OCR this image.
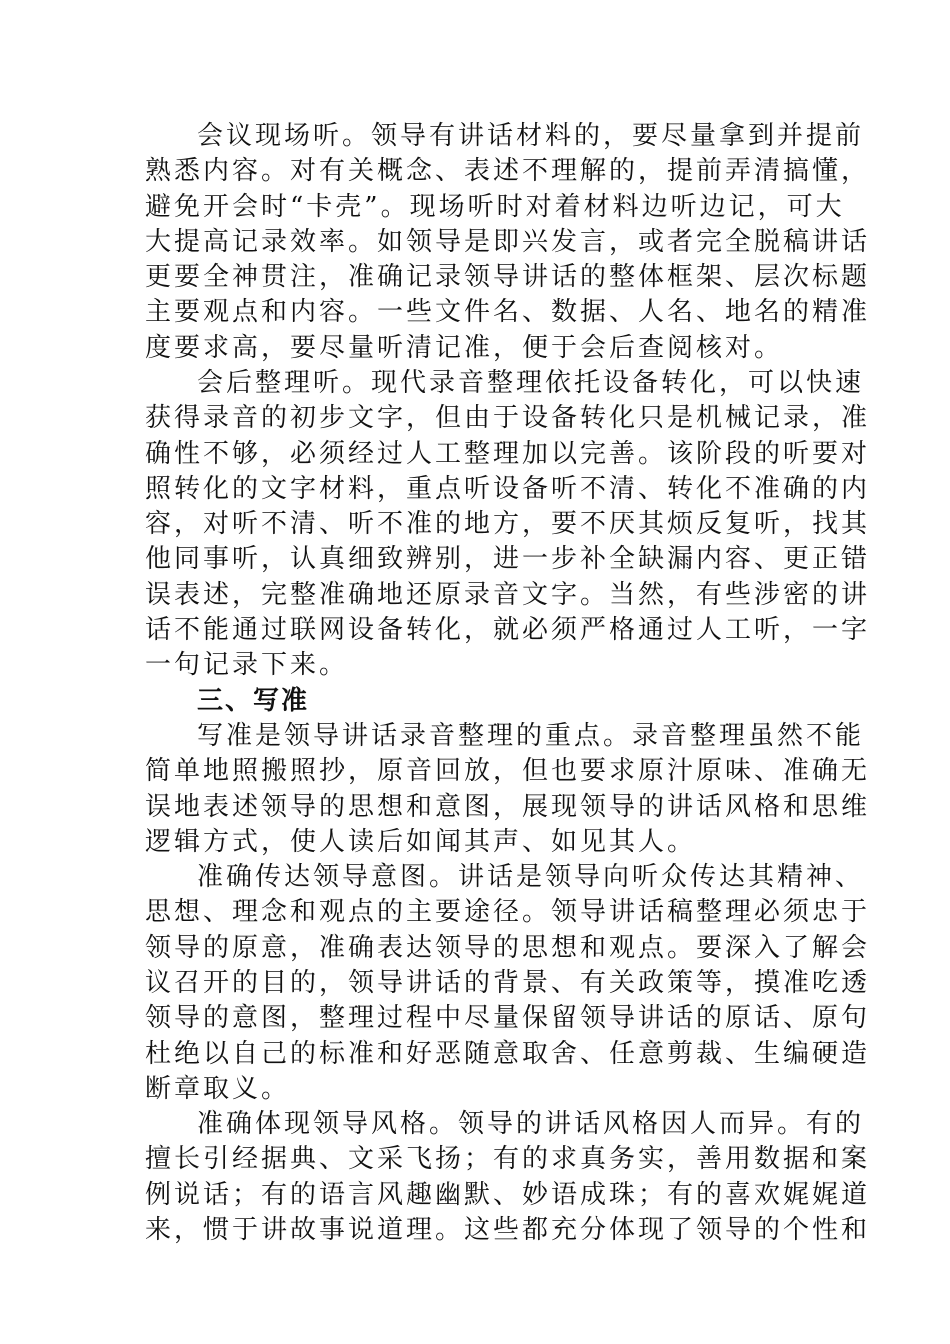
会议现场听。领导有讲话材料的，要尽量拿到并提前
熟悉内容。对有关概念、表述不理解的，提前弄清搞懂，
避免开会时“卡壳”。现场听时对着材料边听边记，可大
大提高记录效率。如领导是即兴发言，或者完全脱稿讲话
更要全神贯注，准确记录领导讲话的整体框架、层次标题
主要观点和内容。一些文件名、数据、人名、地名的精准
度要求高，要尽量听清记准，便于会后查阅核对。
会后整理听。现代录音整理依托设备转化，可以快速
获得录音的初步文字，但由于设备转化只是机械记录，准
确性不够，必须经过人工整理加以完善。该阶段的听要对
照转化的文字材料，重点听设备听不清、转化不准确的内
容，对听不清、听不准的地方，要不厌其烦反复听，找其
他同事听，认真细致辨别，进一步补全缺漏内容、更正错
误表述，完整准确地还原录音文字。当然，有些涉密的讲
话不能通过联网设备转化，就必须严格通过人工听，一字
一句记录下来。
三、写准
写准是领导讲话录音整理的重点。录音整理虽然不能
简单地照搬照抄，原音回放，但也要求原汁原味、准确无
误地表述领导的思想和意图，展现领导的讲话风格和思维
逻辑方式，使人读后如闻其声、如见其人。
准确传达领导意图。讲话是领导向听众传达其精神、
思想、理念和观点的主要途径。领导讲话稿整理必须忠于
领导的原意，准确表达领导的思想和观点。要深入了解会
议召开的目的，领导讲话的背景、有关政策等，摸准吃透
领导的意图，整理过程中尽量保留领导讲话的原话、原句
杜绝以自己的标准和好恶随意取舍、任意剪裁、生编硬造
断章取义。
准确体现领导风格。领导的讲话风格因人而异。有的
擅长引经据典、文采飞扬；有的求真务实，善用数据和案
例说话；有的语言风趣幽默、妙语成珠；有的喜欢娓娓道
来，惯于讲故事说道理。这些都充分体现了领导的个性和
